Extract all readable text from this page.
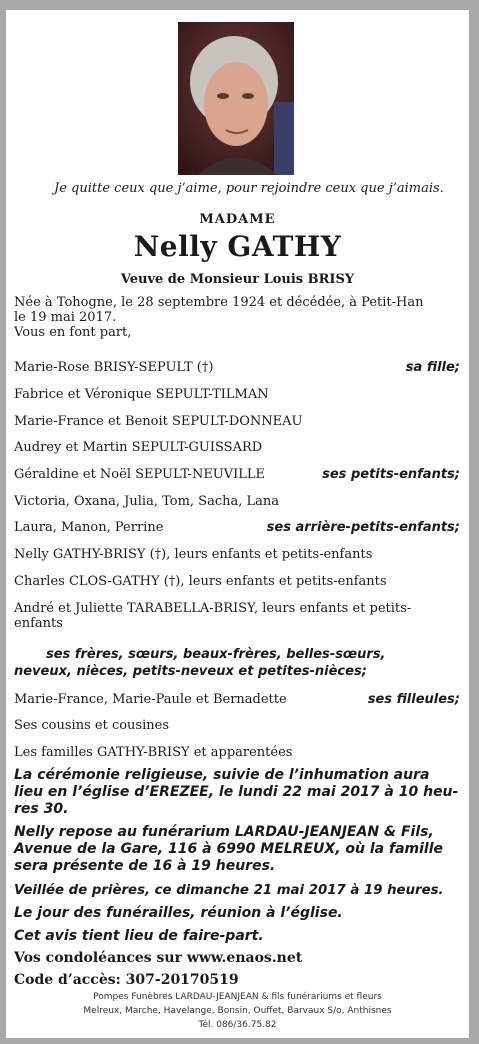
Je quitte ceux que j’aime, pour rejoindre ceux que j’aimais.
MADAME
Nelly GATHY
Veuve de Monsieur Louis BRISY
Née à Tohogne, le 28 septembre 1924 et décédée, à Petit-Han
le 19 mai 2017.
Vous en font part,
Marie-Rose BRISY-SEPULT (†)	sa fille;
Fabrice et Véronique SEPULT-TILMAN
Marie-France et Benoit SEPULT-DONNEAU
Audrey et Martin SEPULT-GUISSARD
Géraldine et Noël SEPULT-NEUVILLE	ses petits-enfants;
Victoria, Oxana, Julia, Tom, Sacha, Lana
Laura, Manon, Perrine	ses arrière-petits-enfants;
Nelly GATHY-BRISY (†), leurs enfants et petits-enfants
Charles CLOS-GATHY (†), leurs enfants et petits-enfants
André et Juliette TARABELLA-BRISY, leurs enfants et petits-
enfants
ses frères, sœurs, beaux-frères, belles-sœurs,
neveux, nièces, petits-neveux et petites-nièces;
Marie-France, Marie-Paule et Bernadette	ses filleules;
Ses cousins et cousines
Les familles GATHY-BRISY et apparentées
La cérémonie religieuse, suivie de l’inhumation aura
lieu en l’église d’EREZEE, le lundi 22 mai 2017 à 10 heu-
res 30.
Nelly repose au funérarium LARDAU-JEANJEAN & Fils,
Avenue de la Gare, 116 à 6990 MELREUX, où la famille
sera présente de 16 à 19 heures.
Veillée de prières, ce dimanche 21 mai 2017 à 19 heures.
Le jour des funérailles, réunion à l’église.
Cet avis tient lieu de faire-part.
Vos condoléances sur www.enaos.net
Code d’accès: 307-20170519
Pompes Funèbres LARDAU-JEANJEAN & fils funérariums et fleurs
Melreux, Marche, Havelange, Bonsin, Ouffet, Barvaux S/o, Anthisnes
Tél. 086/36.75.82
